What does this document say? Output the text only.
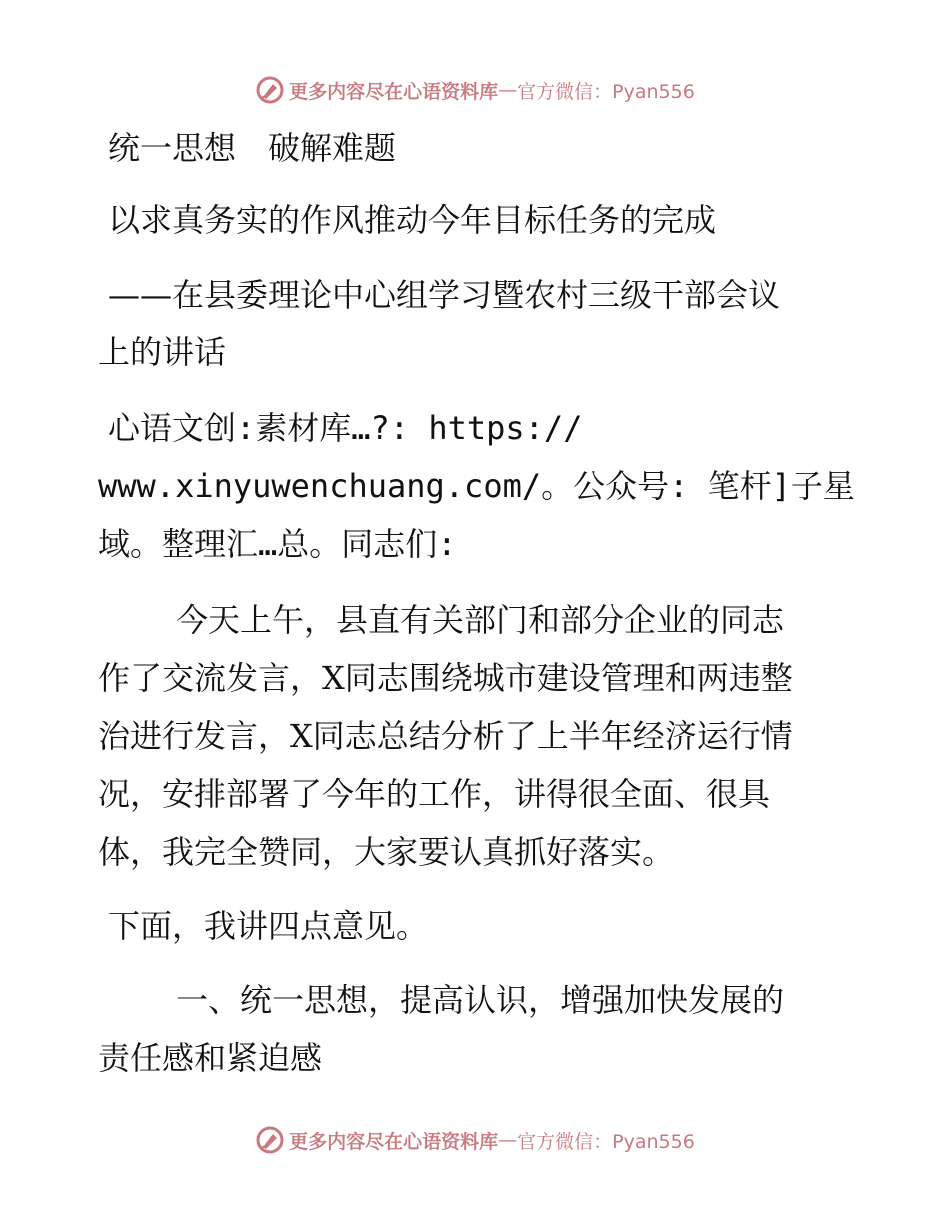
更多内容尽在心语资料库 — 官方微信：Pyan556
统一思想　破解难题
以求真务实的作风推动今年目标任务的完成
——在县委理论中心组学习暨农村三级干部会议
上的讲话
心语文创:素材库…?: https://
www.xinyuwenchuang.com/。公众号: 笔杆]子星
域。整理汇…总。同志们:
今天上午，县直有关部门和部分企业的同志
作了交流发言，X同志围绕城市建设管理和两违整
治进行发言，X同志总结分析了上半年经济运行情
况，安排部署了今年的工作，讲得很全面、很具
体，我完全赞同，大家要认真抓好落实。
下面，我讲四点意见。
一、统一思想，提高认识，增强加快发展的
责任感和紧迫感
更多内容尽在心语资料库 — 官方微信：Pyan556
